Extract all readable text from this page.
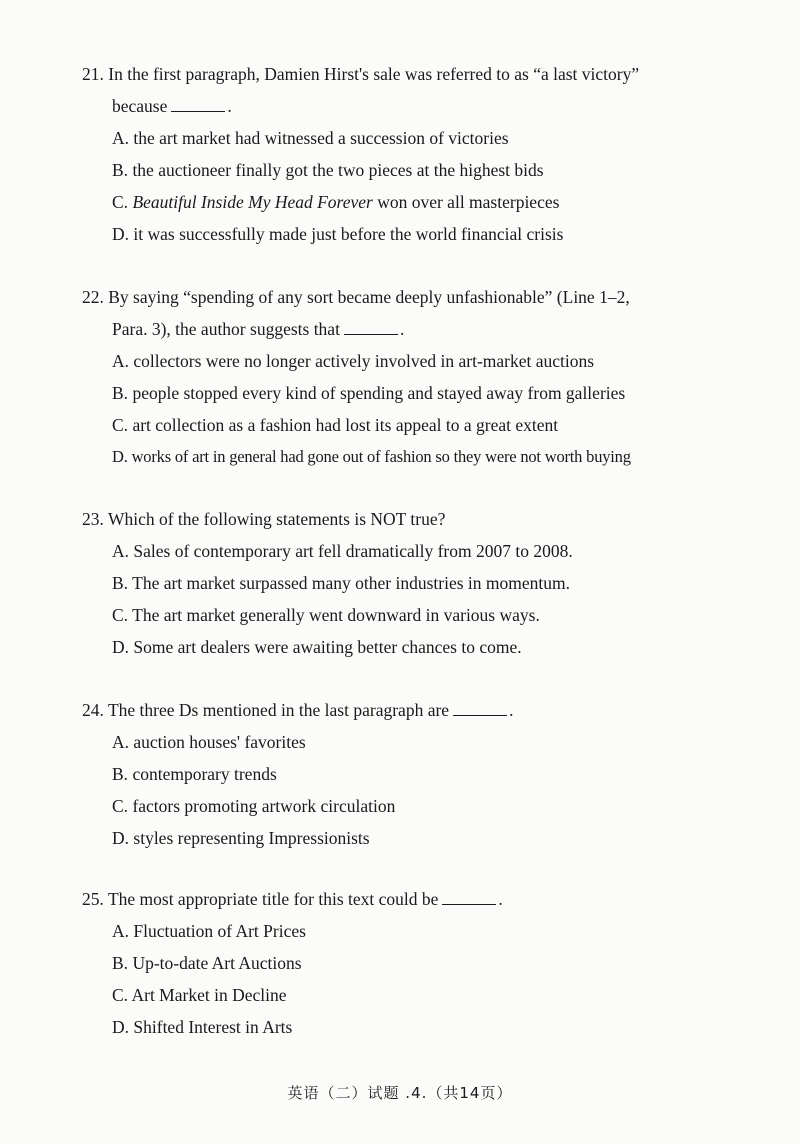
21. In the first paragraph, Damien Hirst's sale was referred to as “a last victory”
because	.
A. the art market had witnessed a succession of victories
B. the auctioneer finally got the two pieces at the highest bids
C. Beautiful Inside My Head Forever won over all masterpieces
D. it was successfully made just before the world financial crisis
22. By saying “spending of any sort became deeply unfashionable” (Line 1–2,
Para. 3), the author suggests that	.
A. collectors were no longer actively involved in art-market auctions
B. people stopped every kind of spending and stayed away from galleries
C. art collection as a fashion had lost its appeal to a great extent
D. works of art in general had gone out of fashion so they were not worth buying
23. Which of the following statements is NOT true?
A. Sales of contemporary art fell dramatically from 2007 to 2008.
B. The art market surpassed many other industries in momentum.
C. The art market generally went downward in various ways.
D. Some art dealers were awaiting better chances to come.
24. The three Ds mentioned in the last paragraph are	.
A. auction houses' favorites
B. contemporary trends
C. factors promoting artwork circulation
D. styles representing Impressionists
25. The most appropriate title for this text could be	.
A. Fluctuation of Art Prices
B. Up-to-date Art Auctions
C. Art Market in Decline
D. Shifted Interest in Arts
英语（二）试题 .4.（共14页）
